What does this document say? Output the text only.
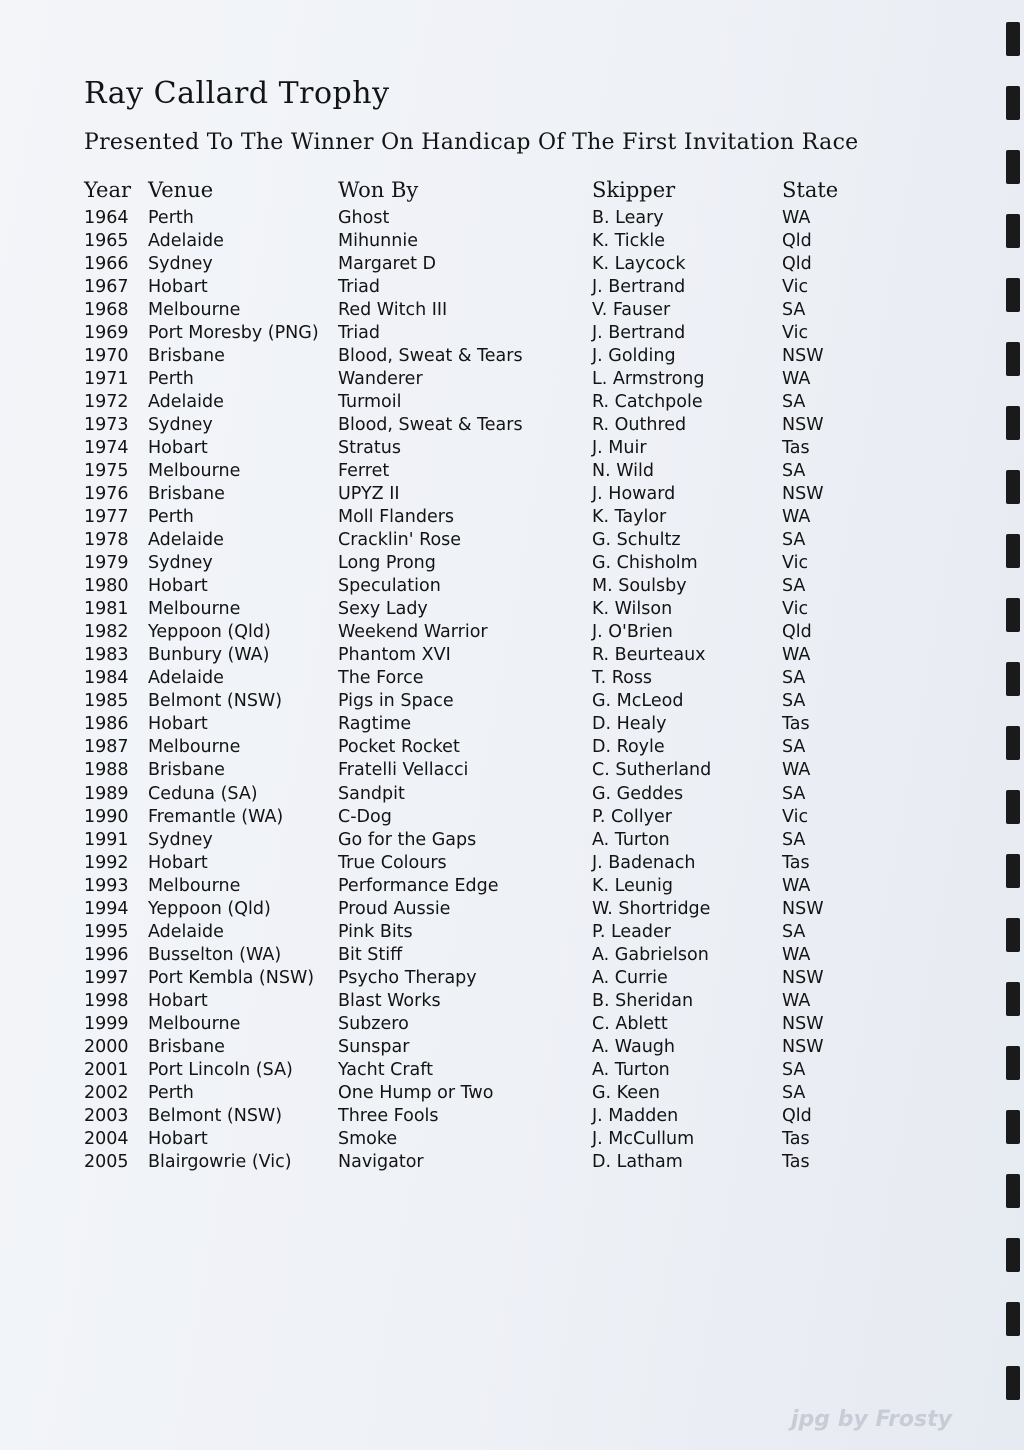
Ray Callard Trophy
Presented To The Winner On Handicap Of The First Invitation Race
Year Venue	Won By	Skipper	State
1964 Perth	Ghost	B. Leary	WA
1965 Adelaide	Mihunnie	K. Tickle	Qld
1966 Sydney	Margaret D	K. Laycock	Qld
1967 Hobart	Triad	J. Bertrand	Vic
1968 Melbourne	Red Witch III	V. Fauser	SA
1969 Port Moresby (PNG) Triad	J. Bertrand	Vic
1970 Brisbane	Blood, Sweat & Tears	J. Golding	NSW
1971 Perth	Wanderer	L. Armstrong	WA
1972 Adelaide	Turmoil	R. Catchpole	SA
1973 Sydney	Blood, Sweat & Tears	R. Outhred	NSW
1974 Hobart	Stratus	J. Muir	Tas
1975 Melbourne	Ferret	N. Wild	SA
1976 Brisbane	UPYZ II	J. Howard	NSW
1977 Perth	Moll Flanders	K. Taylor	WA
1978 Adelaide	Cracklin' Rose	G. Schultz	SA
1979 Sydney	Long Prong	G. Chisholm	Vic
1980 Hobart	Speculation	M. Soulsby	SA
1981 Melbourne	Sexy Lady	K. Wilson	Vic
1982 Yeppoon (Qld)	Weekend Warrior	J. O'Brien	Qld
1983 Bunbury (WA)	Phantom XVI	R. Beurteaux	WA
1984 Adelaide	The Force	T. Ross	SA
1985 Belmont (NSW)	Pigs in Space	G. McLeod	SA
1986 Hobart	Ragtime	D. Healy	Tas
1987 Melbourne	Pocket Rocket	D. Royle	SA
1988 Brisbane	Fratelli Vellacci	C. Sutherland	WA
1989 Ceduna (SA)	Sandpit	G. Geddes	SA
1990 Fremantle (WA)	C-Dog	P. Collyer	Vic
1991 Sydney	Go for the Gaps	A. Turton	SA
1992 Hobart	True Colours	J. Badenach	Tas
1993 Melbourne	Performance Edge	K. Leunig	WA
1994 Yeppoon (Qld)	Proud Aussie	W. Shortridge	NSW
1995 Adelaide	Pink Bits	P. Leader	SA
1996 Busselton (WA)	Bit Stiff	A. Gabrielson	WA
1997 Port Kembla (NSW) Psycho Therapy	A. Currie	NSW
1998 Hobart	Blast Works	B. Sheridan	WA
1999 Melbourne	Subzero	C. Ablett	NSW
2000 Brisbane	Sunspar	A. Waugh	NSW
2001 Port Lincoln (SA)	Yacht Craft	A. Turton	SA
2002 Perth	One Hump or Two	G. Keen	SA
2003 Belmont (NSW)	Three Fools	J. Madden	Qld
2004 Hobart	Smoke	J. McCullum	Tas
2005 Blairgowrie (Vic)	Navigator	D. Latham	Tas
jpg by Frosty
